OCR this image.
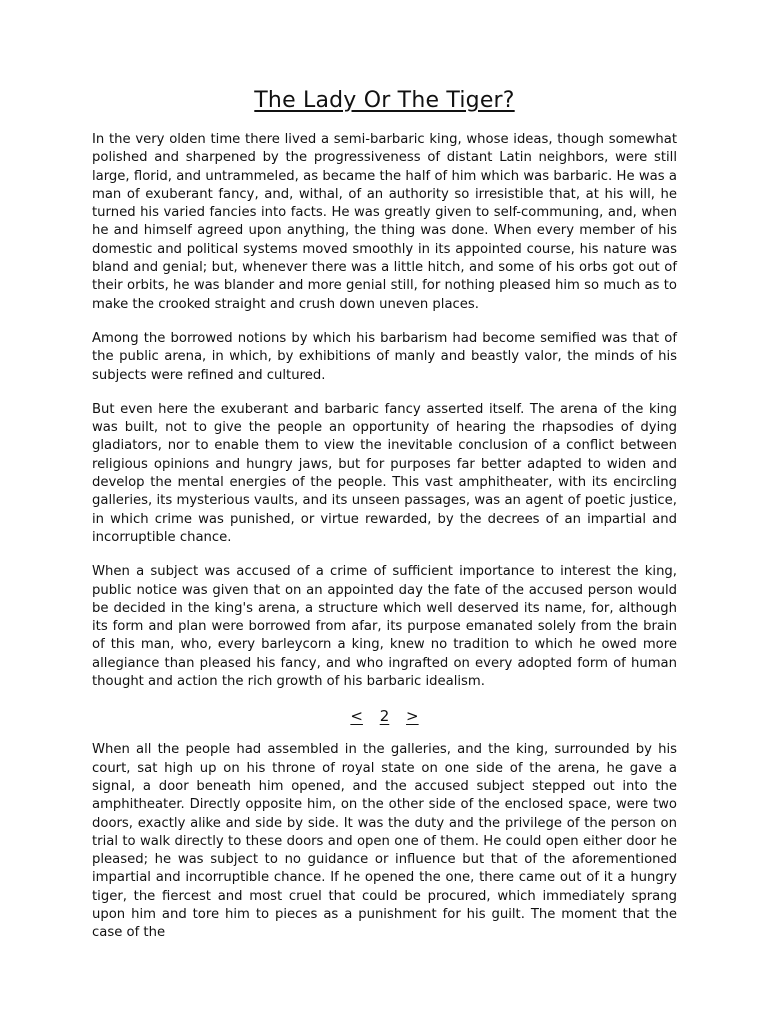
The Lady Or The Tiger?

In the very olden time there lived a semi-barbaric king, whose ideas, though somewhat polished and sharpened by the progressiveness of distant Latin neighbors, were still large, florid, and untrammeled, as became the half of him which was barbaric. He was a man of exuberant fancy, and, withal, of an authority so irresistible that, at his will, he turned his varied fancies into facts. He was greatly given to self-communing, and, when he and himself agreed upon anything, the thing was done. When every member of his domestic and political systems moved smoothly in its appointed course, his nature was bland and genial; but, whenever there was a little hitch, and some of his orbs got out of their orbits, he was blander and more genial still, for nothing pleased him so much as to make the crooked straight and crush down uneven places.

Among the borrowed notions by which his barbarism had become semified was that of the public arena, in which, by exhibitions of manly and beastly valor, the minds of his subjects were refined and cultured.

But even here the exuberant and barbaric fancy asserted itself. The arena of the king was built, not to give the people an opportunity of hearing the rhapsodies of dying gladiators, nor to enable them to view the inevitable conclusion of a conflict between religious opinions and hungry jaws, but for purposes far better adapted to widen and develop the mental energies of the people. This vast amphitheater, with its encircling galleries, its mysterious vaults, and its unseen passages, was an agent of poetic justice, in which crime was punished, or virtue rewarded, by the decrees of an impartial and incorruptible chance.

When a subject was accused of a crime of sufficient importance to interest the king, public notice was given that on an appointed day the fate of the accused person would be decided in the king's arena, a structure which well deserved its name, for, although its form and plan were borrowed from afar, its purpose emanated solely from the brain of this man, who, every barleycorn a king, knew no tradition to which he owed more allegiance than pleased his fancy, and who ingrafted on every adopted form of human thought and action the rich growth of his barbaric idealism.

< 2 >

When all the people had assembled in the galleries, and the king, surrounded by his court, sat high up on his throne of royal state on one side of the arena, he gave a signal, a door beneath him opened, and the accused subject stepped out into the amphitheater. Directly opposite him, on the other side of the enclosed space, were two doors, exactly alike and side by side. It was the duty and the privilege of the person on trial to walk directly to these doors and open one of them. He could open either door he pleased; he was subject to no guidance or influence but that of the aforementioned impartial and incorruptible chance. If he opened the one, there came out of it a hungry tiger, the fiercest and most cruel that could be procured, which immediately sprang upon him and tore him to pieces as a punishment for his guilt. The moment that the case of the
